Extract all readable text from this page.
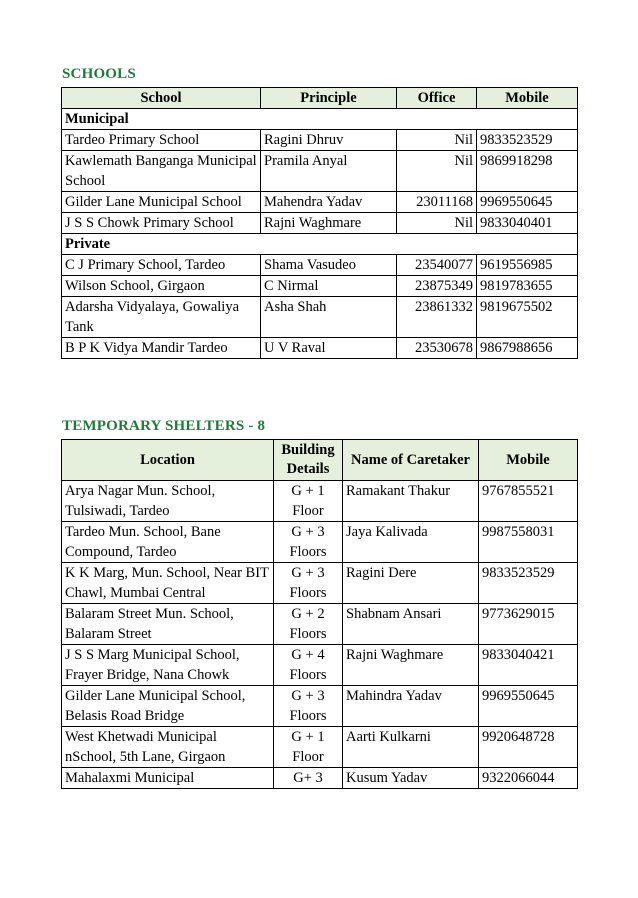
SCHOOLS
School	Principle	Office	Mobile
Municipal			
Tardeo Primary School	Ragini Dhruv	Nil	9833523529
Kawlemath Banganga Municipal School	Pramila Anyal	Nil	9869918298
Gilder Lane Municipal School	Mahendra Yadav	23011168	9969550645
J S S Chowk Primary School	Rajni Waghmare	Nil	9833040401
Private			
C J Primary School, Tardeo	Shama Vasudeo	23540077	9619556985
Wilson School, Girgaon	C Nirmal	23875349	9819783655
Adarsha Vidyalaya, Gowaliya Tank	Asha Shah	23861332	9819675502
B P K Vidya Mandir Tardeo	U V Raval	23530678	9867988656
TEMPORARY SHELTERS - 8
Location	Building Details	Name of Caretaker	Mobile
Arya Nagar Mun. School, Tulsiwadi, Tardeo	G + 1 Floor	Ramakant Thakur	9767855521
Tardeo Mun. School, Bane Compound, Tardeo	G + 3 Floors	Jaya Kalivada	9987558031
K K Marg, Mun. School, Near BIT Chawl, Mumbai Central	G + 3 Floors	Ragini Dere	9833523529
Balaram Street Mun. School, Balaram Street	G + 2 Floors	Shabnam Ansari	9773629015
J S S Marg Municipal School, Frayer Bridge, Nana Chowk	G + 4 Floors	Rajni Waghmare	9833040421
Gilder Lane Municipal School, Belasis Road Bridge	G + 3 Floors	Mahindra Yadav	9969550645
West Khetwadi Municipal nSchool, 5th Lane, Girgaon	G + 1 Floor	Aarti Kulkarni	9920648728
Mahalaxmi Municipal	G+ 3	Kusum Yadav	9322066044
